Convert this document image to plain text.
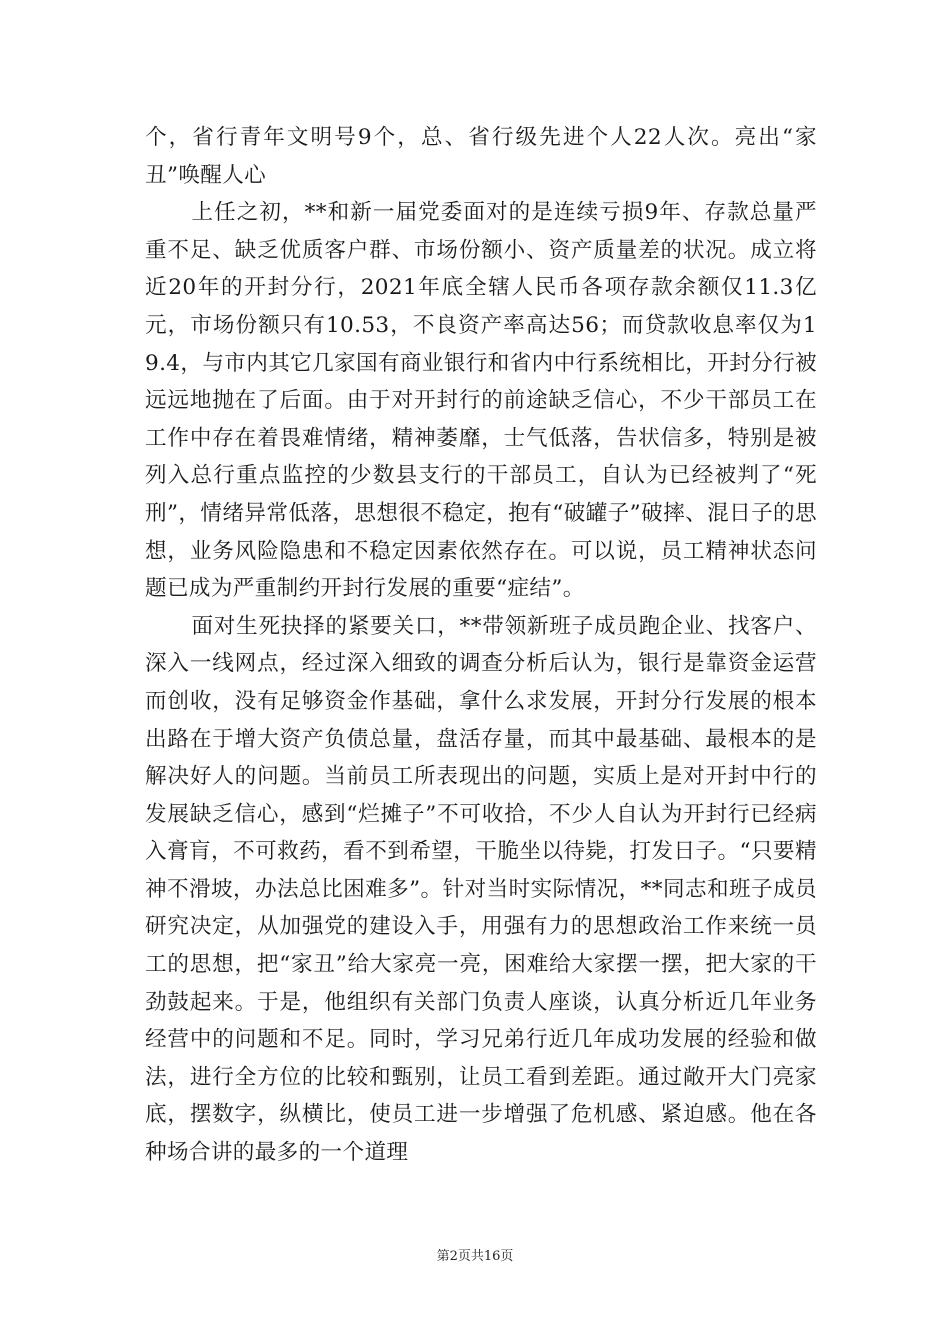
个，省行青年文明号9个，总、省行级先进个人22人次。亮出“家丑”唤醒人心

上任之初，**和新一届党委面对的是连续亏损9年、存款总量严重不足、缺乏优质客户群、市场份额小、资产质量差的状况。成立将近20年的开封分行，2021年底全辖人民币各项存款余额仅11.3亿元，市场份额只有10.53，不良资产率高达56；而贷款收息率仅为19.4，与市内其它几家国有商业银行和省内中行系统相比，开封分行被远远地抛在了后面。由于对开封行的前途缺乏信心，不少干部员工在工作中存在着畏难情绪，精神萎靡，士气低落，告状信多，特别是被列入总行重点监控的少数县支行的干部员工，自认为已经被判了“死刑”，情绪异常低落，思想很不稳定，抱有“破罐子”破摔、混日子的思想，业务风险隐患和不稳定因素依然存在。可以说，员工精神状态问题已成为严重制约开封行发展的重要“症结”。

面对生死抉择的紧要关口，**带领新班子成员跑企业、找客户、深入一线网点，经过深入细致的调查分析后认为，银行是靠资金运营而创收，没有足够资金作基础，拿什么求发展，开封分行发展的根本出路在于增大资产负债总量，盘活存量，而其中最基础、最根本的是解决好人的问题。当前员工所表现出的问题，实质上是对开封中行的发展缺乏信心，感到“烂摊子”不可收拾，不少人自认为开封行已经病入膏肓，不可救药，看不到希望，干脆坐以待毙，打发日子。“只要精神不滑坡，办法总比困难多”。针对当时实际情况，**同志和班子成员研究决定，从加强党的建设入手，用强有力的思想政治工作来统一员工的思想，把“家丑”给大家亮一亮，困难给大家摆一摆，把大家的干劲鼓起来。于是，他组织有关部门负责人座谈，认真分析近几年业务经营中的问题和不足。同时，学习兄弟行近几年成功发展的经验和做法，进行全方位的比较和甄别，让员工看到差距。通过敞开大门亮家底，摆数字，纵横比，使员工进一步增强了危机感、紧迫感。他在各种场合讲的最多的一个道理

第2页共16页
